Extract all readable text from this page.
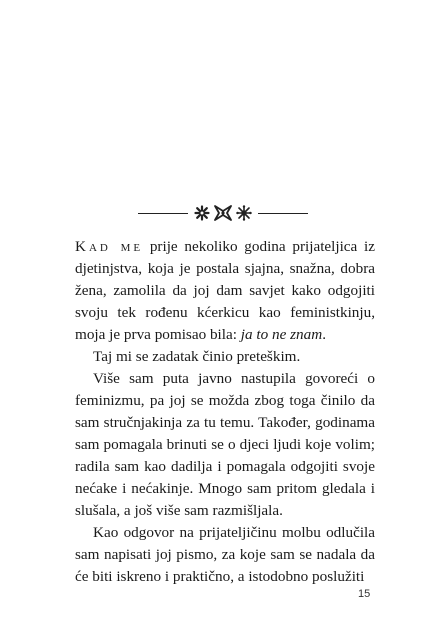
Kad me prije nekoliko godina prijateljica iz djetinjstva, koja je postala sjajna, snažna, dobra žena, zamolila da joj dam savjet kako odgojiti svoju tek rođenu kćerkicu kao feministkinju, moja je prva pomisao bila: ja to ne znam.

Taj mi se zadatak činio preteškim.

Više sam puta javno nastupila govoreći o feminizmu, pa joj se možda zbog toga činilo da sam stručnjakinja za tu temu. Također, godinama sam pomagala brinuti se o djeci ljudi koje volim; radila sam kao dadilja i pomagala odgojiti svoje nećake i nećakinje. Mnogo sam pritom gledala i slušala, a još više sam razmišljala.

Kao odgovor na prijateljičinu molbu odlučila sam napisati joj pismo, za koje sam se nadala da će biti iskreno i praktično, a istodobno poslužiti

15
